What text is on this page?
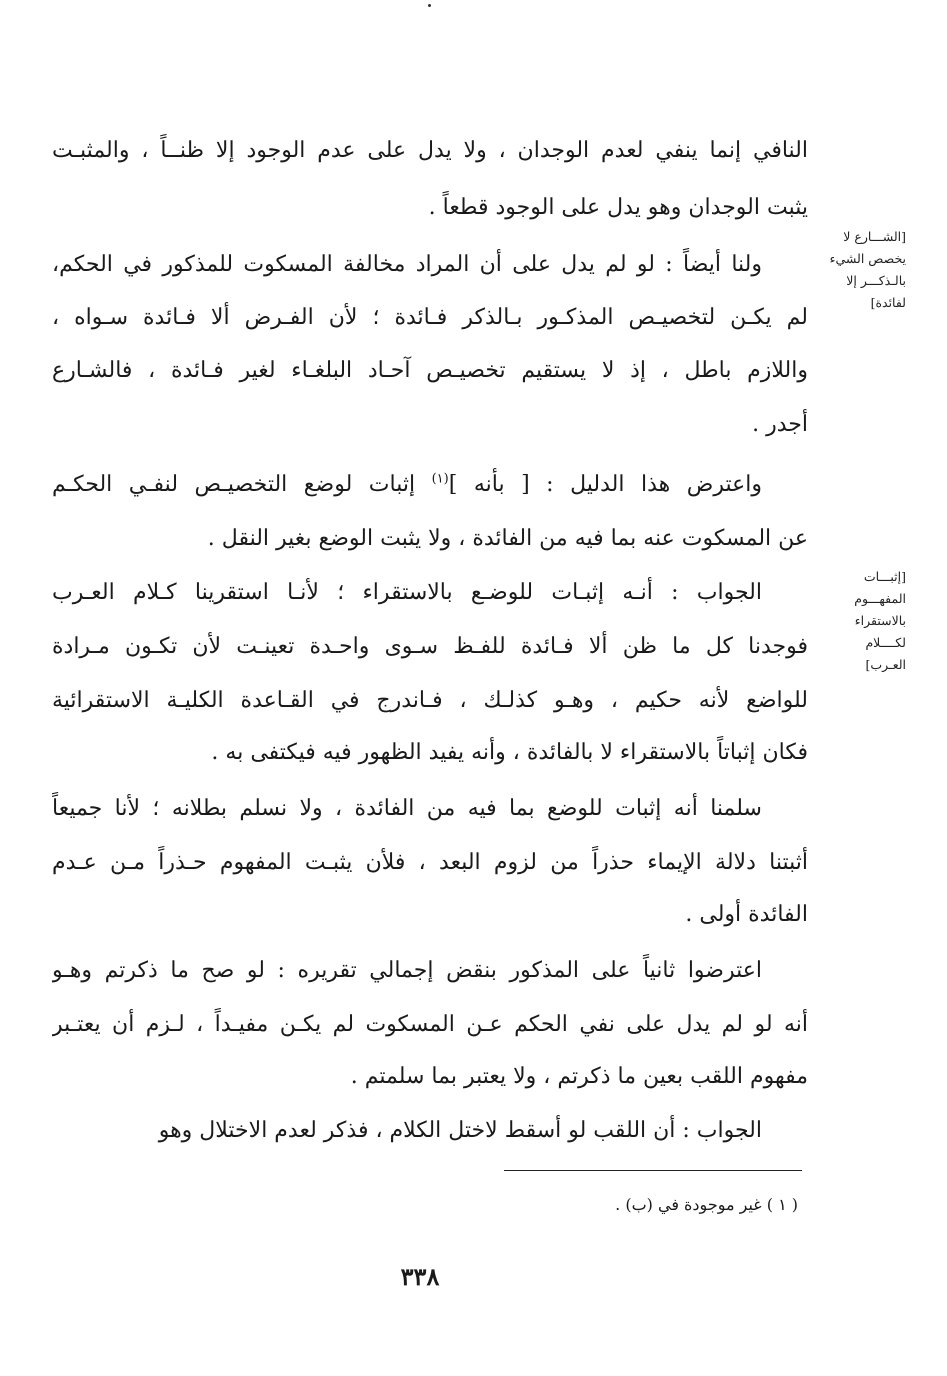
[الشـــارع لا
يخصص الشيء
بالـذكـــر إلا
لفائدة]
[إثبـــات
المفهـــوم
بالاستقراء
لكــــلام
العـرب]
النافي إنما ينفي لعدم الوجدان ، ولا يدل على عدم الوجود إلا ظنــاً ، والمثبـت
يثبت الوجدان وهو يدل على الوجود قطعاً .
ولنا أيضاً : لو لم يدل على أن المراد مخالفة المسكوت للمذكور في الحكم،
لم يكـن لتخصيـص المذكـور بـالذكر فـائدة ؛ لأن الفـرض ألا فـائدة سـواه ،
واللازم باطل ، إذ لا يستقيم تخصيـص آحـاد البلغـاء لغير فـائدة ، فالشـارع
أجدر .
واعترض هذا الدليل : [ بأنه ]$^{(١)}$ إثبات لوضع التخصيـص لنفـي الحكـم
عن المسكوت عنه بما فيه من الفائدة ، ولا يثبت الوضع بغير النقل .
الجواب : أنـه إثبـات للوضـع بالاستقراء ؛ لأنـا استقرينا كـلام العـرب
فوجدنا كل ما ظن ألا فـائدة للفـظ سـوى واحـدة تعينـت لأن تكـون مـرادة
للواضع لأنه حكيم ، وهـو كذلـك ، فـاندرج في القـاعدة الكليـة الاستقرائية
فكان إثباتاً بالاستقراء لا بالفائدة ، وأنه يفيد الظهور فيه فيكتفى به .
سلمنا أنه إثبات للوضع بما فيه من الفائدة ، ولا نسلم بطلانه ؛ لأنا جميعاً
أثبتنا دلالة الإيماء حذراً من لزوم البعد ، فلأن يثبـت المفهوم حـذراً مـن عـدم
الفائدة أولى .
اعترضوا ثانياً على المذكور بنقض إجمالي تقريره : لو صح ما ذكرتم وهـو
أنه لو لم يدل على نفي الحكم عـن المسكوت لم يكـن مفيـداً ، لـزم أن يعتـبر
مفهوم اللقب بعين ما ذكرتم ، ولا يعتبر بما سلمتم .
الجواب : أن اللقب لو أسقط لاختل الكلام ، فذكر لعدم الاختلال وهو
( ١ ) غير موجودة في (ب) .
٣٣٨
